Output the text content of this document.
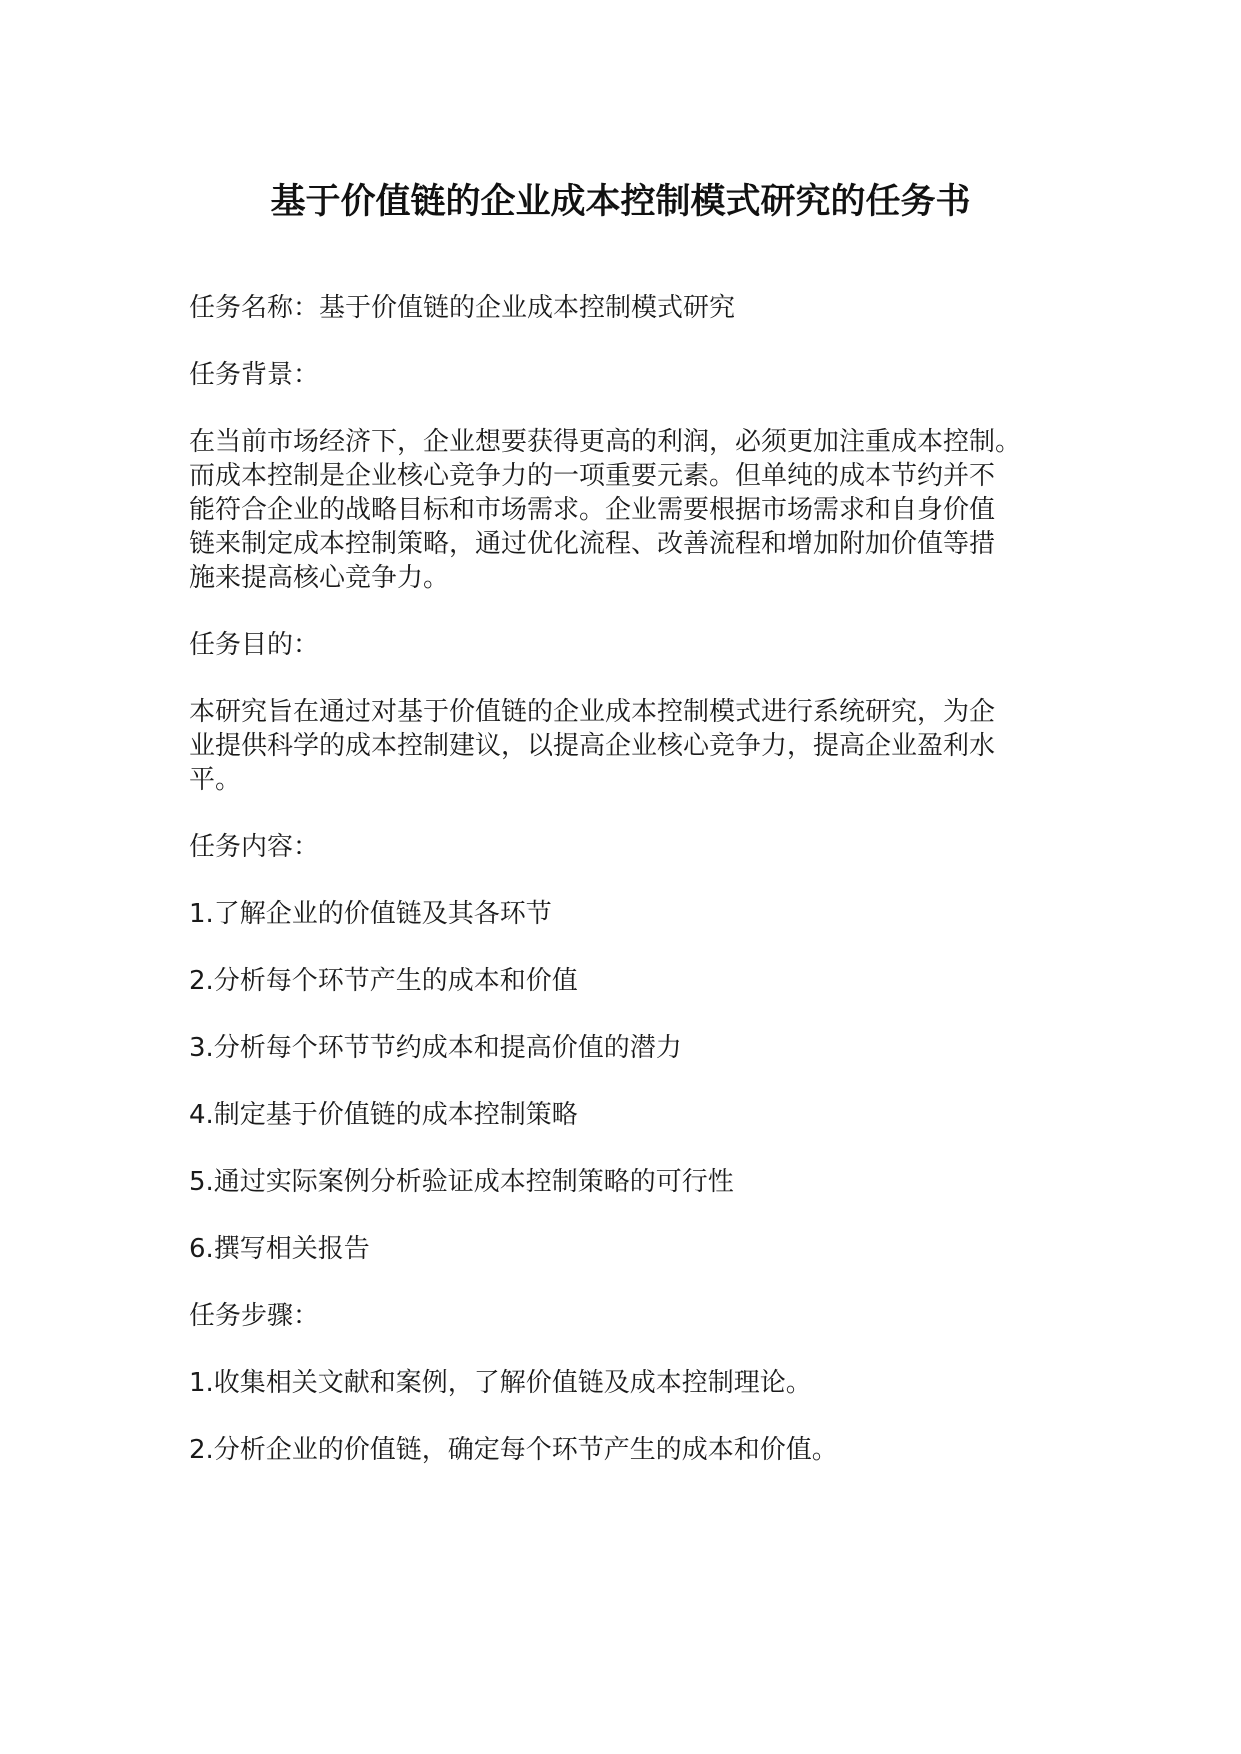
基于价值链的企业成本控制模式研究的任务书

任务名称：基于价值链的企业成本控制模式研究

任务背景：

在当前市场经济下，企业想要获得更高的利润，必须更加注重成本控制。
而成本控制是企业核心竞争力的一项重要元素。但单纯的成本节约并不
能符合企业的战略目标和市场需求。企业需要根据市场需求和自身价值
链来制定成本控制策略，通过优化流程、改善流程和增加附加价值等措
施来提高核心竞争力。

任务目的：

本研究旨在通过对基于价值链的企业成本控制模式进行系统研究，为企
业提供科学的成本控制建议，以提高企业核心竞争力，提高企业盈利水
平。

任务内容：

1.了解企业的价值链及其各环节

2.分析每个环节产生的成本和价值

3.分析每个环节节约成本和提高价值的潜力

4.制定基于价值链的成本控制策略

5.通过实际案例分析验证成本控制策略的可行性

6.撰写相关报告

任务步骤：

1.收集相关文献和案例，了解价值链及成本控制理论。

2.分析企业的价值链，确定每个环节产生的成本和价值。
